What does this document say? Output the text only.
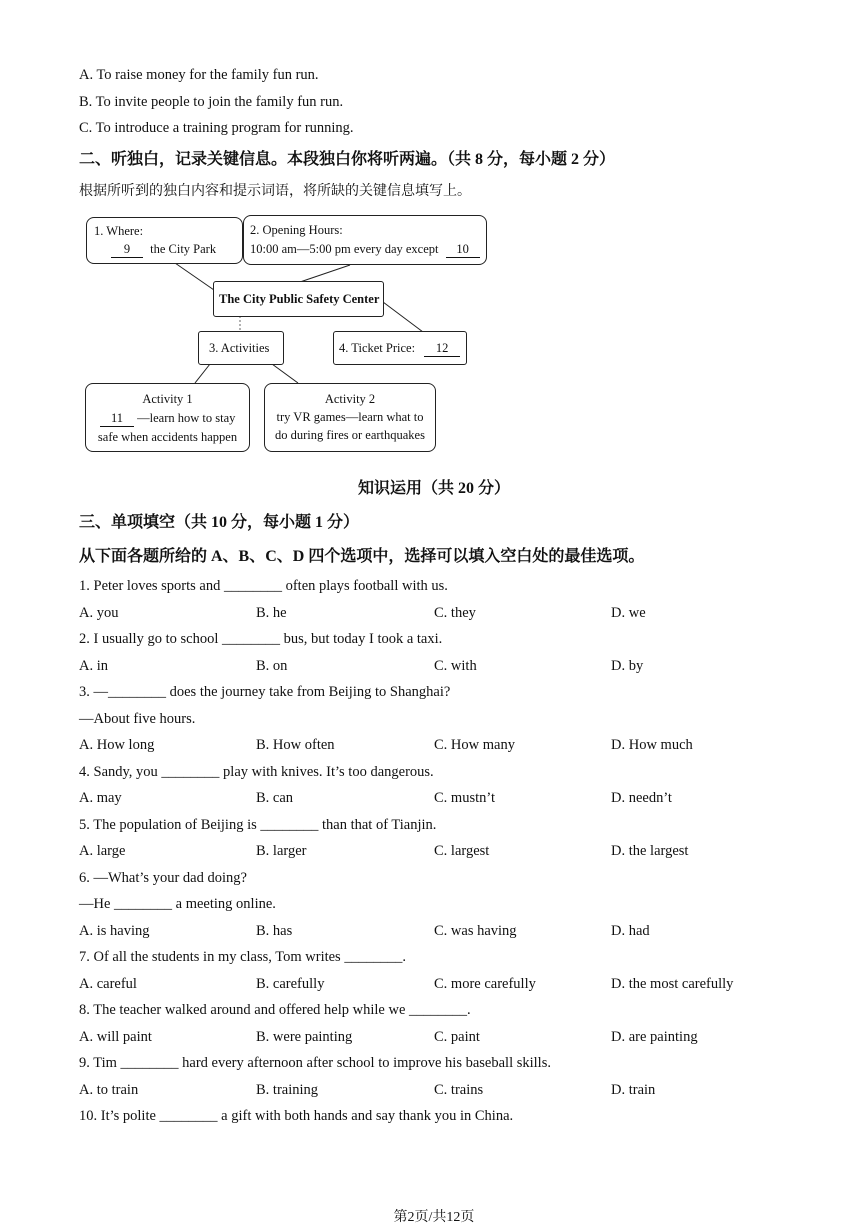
A. To raise money for the family fun run.
B. To invite people to join the family fun run.
C. To introduce a training program for running.
二、听独白，记录关键信息。本段独白你将听两遍。（共 8 分，每小题 2 分）
根据所听到的独白内容和提示词语，将所缺的关键信息填写上。
1. Where:
9 the City Park
2. Opening Hours:
10:00 am—5:00 pm every day except 10
The City Public Safety Center
3. Activities	4. Ticket Price: 12
Activity 1
11 —learn how to stay
safe when accidents happen
Activity 2
try VR games—learn what to
do during fires or earthquakes
知识运用（共 20 分）
三、单项填空（共 10 分，每小题 1 分）
从下面各题所给的 A、B、C、D 四个选项中，选择可以填入空白处的最佳选项。
1. Peter loves sports and ________ often plays football with us.
A. you	B. he	C. they	D. we
2. I usually go to school ________ bus, but today I took a taxi.
A. in	B. on	C. with	D. by
3. —________ does the journey take from Beijing to Shanghai?
—About five hours.
A. How long	B. How often	C. How many	D. How much
4. Sandy, you ________ play with knives. It’s too dangerous.
A. may	B. can	C. mustn’t	D. needn’t
5. The population of Beijing is ________ than that of Tianjin.
A. large	B. larger	C. largest	D. the largest
6. —What’s your dad doing?
—He ________ a meeting online.
A. is having	B. has	C. was having	D. had
7. Of all the students in my class, Tom writes ________.
A. careful	B. carefully	C. more carefully	D. the most carefully
8. The teacher walked around and offered help while we ________.
A. will paint	B. were painting	C. paint	D. are painting
9. Tim ________ hard every afternoon after school to improve his baseball skills.
A. to train	B. training	C. trains	D. train
10. It’s polite ________ a gift with both hands and say thank you in China.
第2页/共12页
